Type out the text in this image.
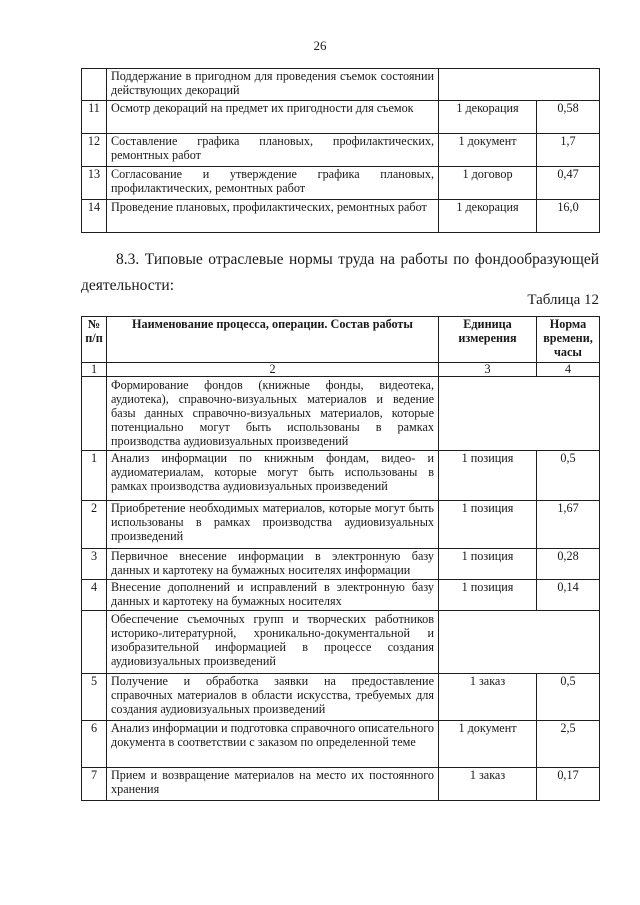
26
	Поддержание в пригодном для проведения съемок состоянии действующих декораций		
11	Осмотр декораций на предмет их пригодности для съемок	1 декорация	0,58
12	Составление графика плановых, профилактических, ремонтных работ	1 документ	1,7
13	Согласование и утверждение графика плановых, профилактических, ремонтных работ	1 договор	0,47
14	Проведение плановых, профилактических, ремонтных работ	1 декорация	16,0

8.3. Типовые отраслевые нормы труда на работы по фондообразующей деятельности:

Таблица 12
№ п/п	Наименование процесса, операции. Состав работы	Единица измерения	Норма времени, часы
1	2	3	4
	Формирование фондов (книжные фонды, видеотека, аудиотека), справочно-визуальных материалов и ведение базы данных справочно-визуальных материалов, которые потенциально могут быть использованы в рамках производства аудиовизуальных произведений		
1	Анализ информации по книжным фондам, видео- и аудиоматериалам, которые могут быть использованы в рамках производства аудиовизуальных произведений	1 позиция	0,5
2	Приобретение необходимых материалов, которые могут быть использованы в рамках производства аудиовизуальных произведений	1 позиция	1,67
3	Первичное внесение информации в электронную базу данных и картотеку на бумажных носителях информации	1 позиция	0,28
4	Внесение дополнений и исправлений в электронную базу данных и картотеку на бумажных носителях	1 позиция	0,14
	Обеспечение съемочных групп и творческих работников историко-литературной, хроникально-документальной и изобразительной информацией в процессе создания аудиовизуальных произведений		
5	Получение и обработка заявки на предоставление справочных материалов в области искусства, требуемых для создания аудиовизуальных произведений	1 заказ	0,5
6	Анализ информации и подготовка справочного описательного документа в соответствии с заказом по определенной теме	1 документ	2,5
7	Прием и возвращение материалов на место их постоянного хранения	1 заказ	0,17
